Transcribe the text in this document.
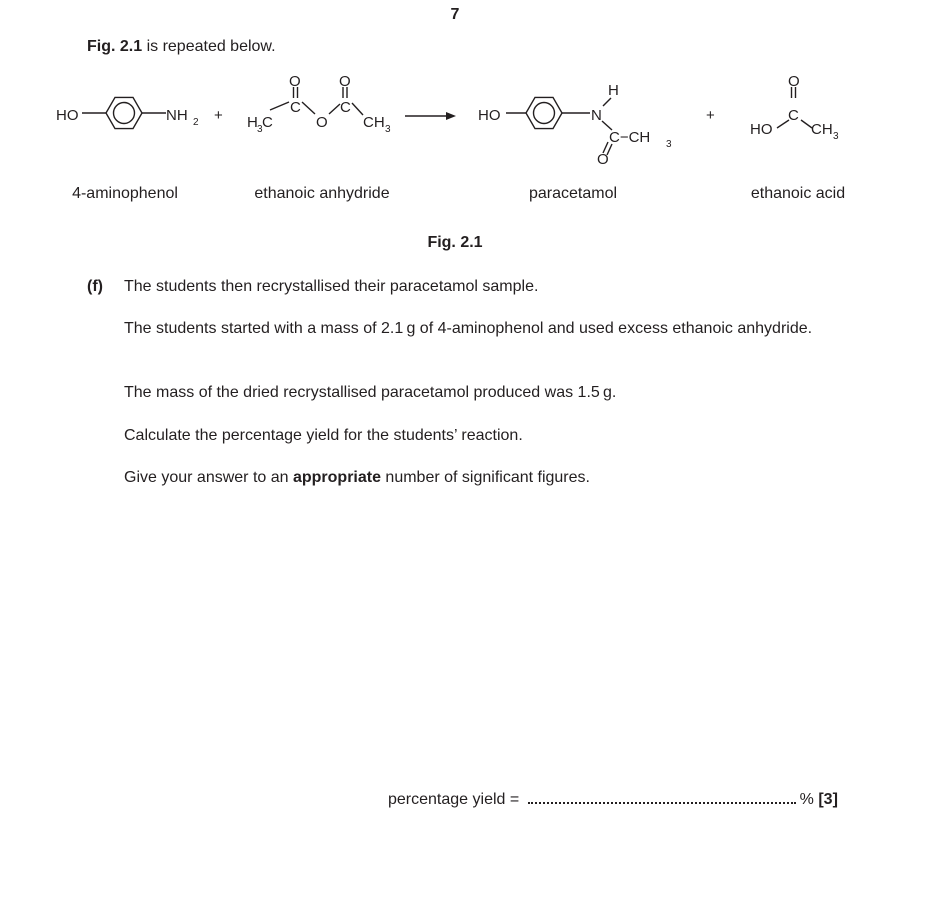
7
Fig. 2.1 is repeated below.
HO	NH 2 +
O	O
H 3 C
C
O
C
CH 3
HO
H
N
C−CH 3
O
+
O
C
HO	CH 3
4-aminophenol	ethanoic anhydride	paracetamol	ethanoic acid
Fig. 2.1
(f) The students then recrystallised their paracetamol sample.
The students started with a mass of 2.1 g of 4-aminophenol and used excess ethanoic anhydride.
The mass of the dried recrystallised paracetamol produced was 1.5 g.
Calculate the percentage yield for the students’ reaction.
Give your answer to an appropriate number of significant figures.
percentage yield =	% [3]
